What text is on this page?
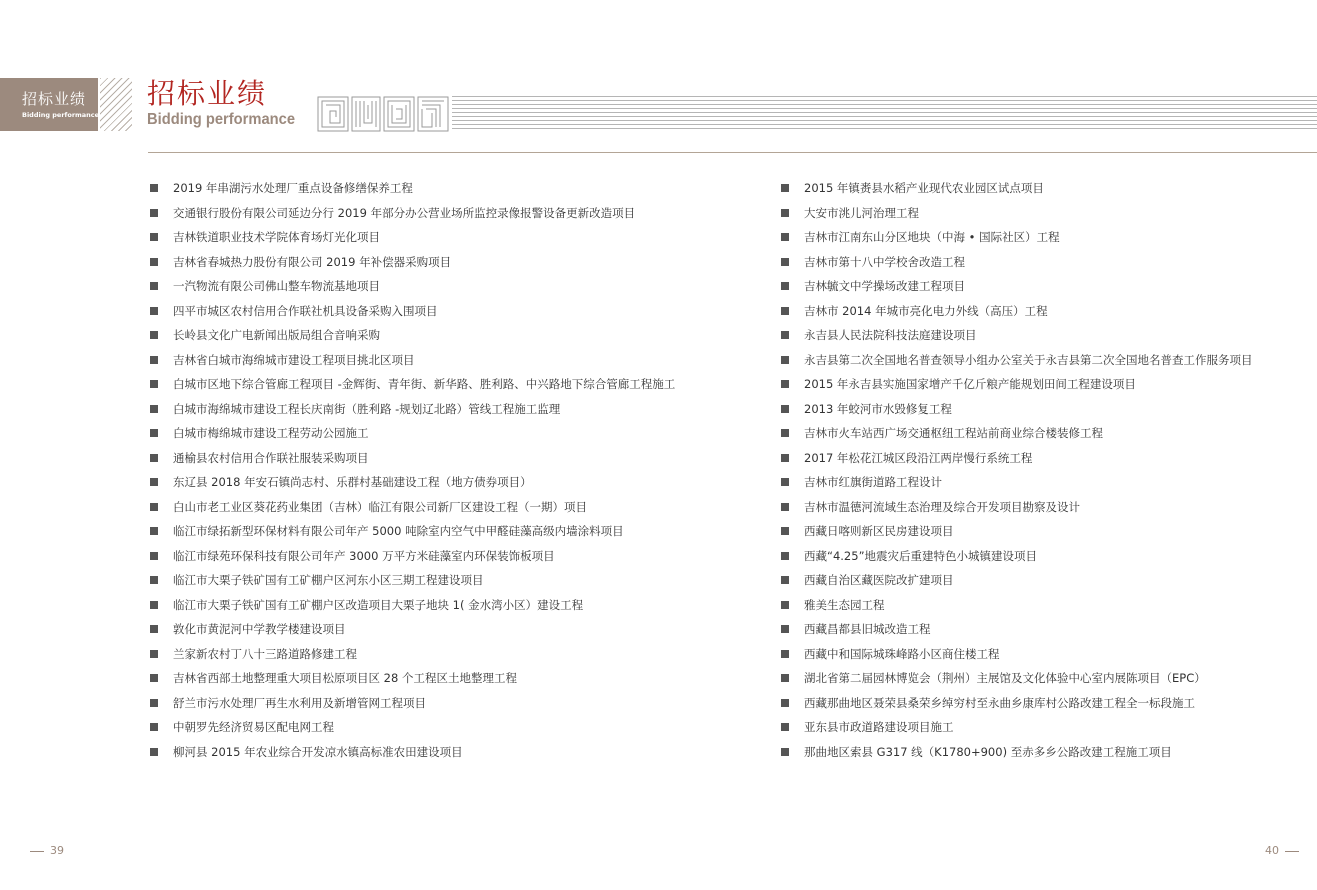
招标业绩
Bidding performance
招标业绩
Bidding performance
2019 年串湖污水处理厂重点设备修缮保养工程
交通银行股份有限公司延边分行 2019 年部分办公营业场所监控录像报警设备更新改造项目
吉林铁道职业技术学院体育场灯光化项目
吉林省春城热力股份有限公司 2019 年补偿器采购项目
一汽物流有限公司佛山整车物流基地项目
四平市城区农村信用合作联社机具设备采购入围项目
长岭县文化广电新闻出版局组合音响采购
吉林省白城市海绵城市建设工程项目挑北区项目
白城市区地下综合管廊工程项目 -金辉街、青年街、新华路、胜利路、中兴路地下综合管廊工程施工
白城市海绵城市建设工程长庆南街（胜利路 -规划辽北路）管线工程施工监理
白城市梅绵城市建设工程劳动公园施工
通榆县农村信用合作联社服装采购项目
东辽县 2018 年安石镇尚志村、乐群村基础建设工程（地方债券项目）
白山市老工业区葵花药业集团（吉林）临江有限公司新厂区建设工程（一期）项目
临江市绿拓新型环保材料有限公司年产 5000 吨除室内空气中甲醛硅藻高级内墙涂料项目
临江市绿苑环保科技有限公司年产 3000 万平方米硅藻室内环保装饰板项目
临江市大栗子铁矿国有工矿棚户区河东小区三期工程建设项目
临江市大栗子铁矿国有工矿棚户区改造项目大栗子地块 1( 金水湾小区）建设工程
敦化市黄泥河中学教学楼建设项目
兰家新农村丁八十三路道路修建工程
吉林省西部土地整理重大项目松原项目区 28 个工程区土地整理工程
舒兰市污水处理厂再生水利用及新增管网工程项目
中朝罗先经济贸易区配电网工程
柳河县 2015 年农业综合开发凉水镇高标准农田建设项目
2015 年镇赉县水稻产业现代农业园区试点项目
大安市洮儿河治理工程
吉林市江南东山分区地块（中海 • 国际社区）工程
吉林市第十八中学校舍改造工程
吉林毓文中学操场改建工程项目
吉林市 2014 年城市亮化电力外线（高压）工程
永吉县人民法院科技法庭建设项目
永吉县第二次全国地名普查领导小组办公室关于永吉县第二次全国地名普查工作服务项目
2015 年永吉县实施国家增产千亿斤粮产能规划田间工程建设项目
2013 年蛟河市水毁修复工程
吉林市火车站西广场交通枢纽工程站前商业综合楼装修工程
2017 年松花江城区段沿江两岸慢行系统工程
吉林市红旗街道路工程设计
吉林市温德河流域生态治理及综合开发项目勘察及设计
西藏日喀则新区民房建设项目
西藏“4.25”地震灾后重建特色小城镇建设项目
西藏自治区藏医院改扩建项目
雅美生态园工程
西藏昌都县旧城改造工程
西藏中和国际城珠峰路小区商住楼工程
湖北省第二届园林博览会（荆州）主展馆及文化体验中心室内展陈项目（EPC）
西藏那曲地区聂荣县桑荣乡绰穷村至永曲乡康库村公路改建工程全一标段施工
亚东县市政道路建设项目施工
那曲地区索县 G317 线（K1780+900) 至赤多乡公路改建工程施工项目
39	40
